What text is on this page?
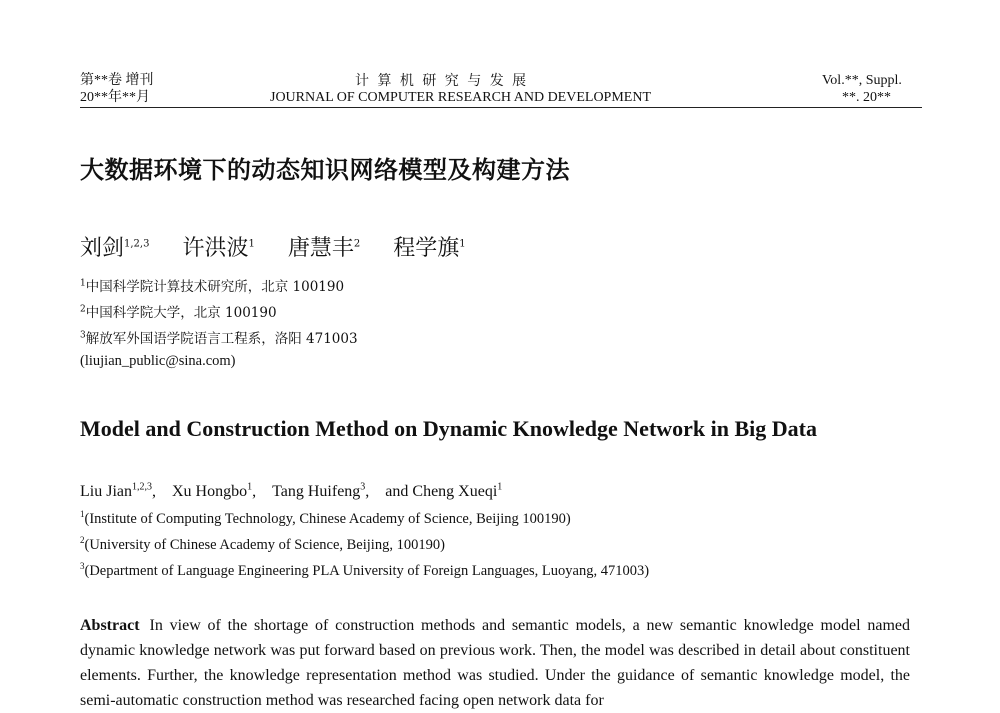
第**卷 增刊
20**年**月
计 算 机 研 究 与 发 展
JOURNAL OF COMPUTER RESEARCH AND DEVELOPMENT
Vol.**, Suppl.
**. 20**
大数据环境下的动态知识网络模型及构建方法
刘剑$^{1,2,3}$ 许洪波$^1$ 唐慧丰$^2$ 程学旗$^1$
$^1$中国科学院计算技术研究所，北京 100190
$^2$中国科学院大学，北京 100190
$^3$解放军外国语学院语言工程系，洛阳 471003
(liujian_public@sina.com)
Model and Construction Method on Dynamic Knowledge Network in Big Data
Liu Jian$^{1,2,3}$, Xu Hongbo$^1$, Tang Huifeng$^3$, and Cheng Xueqi$^1$
$^1$(Institute of Computing Technology, Chinese Academy of Science, Beijing 100190)
$^2$(University of Chinese Academy of Science, Beijing, 100190)
$^3$(Department of Language Engineering PLA University of Foreign Languages, Luoyang, 471003)
Abstract In view of the shortage of construction methods and semantic models, a new semantic knowledge model named dynamic knowledge network was put forward based on previous work. Then, the model was described in detail about constituent elements. Further, the knowledge representation method was studied. Under the guidance of semantic knowledge model, the semi-automatic construction method was researched facing open network data for
